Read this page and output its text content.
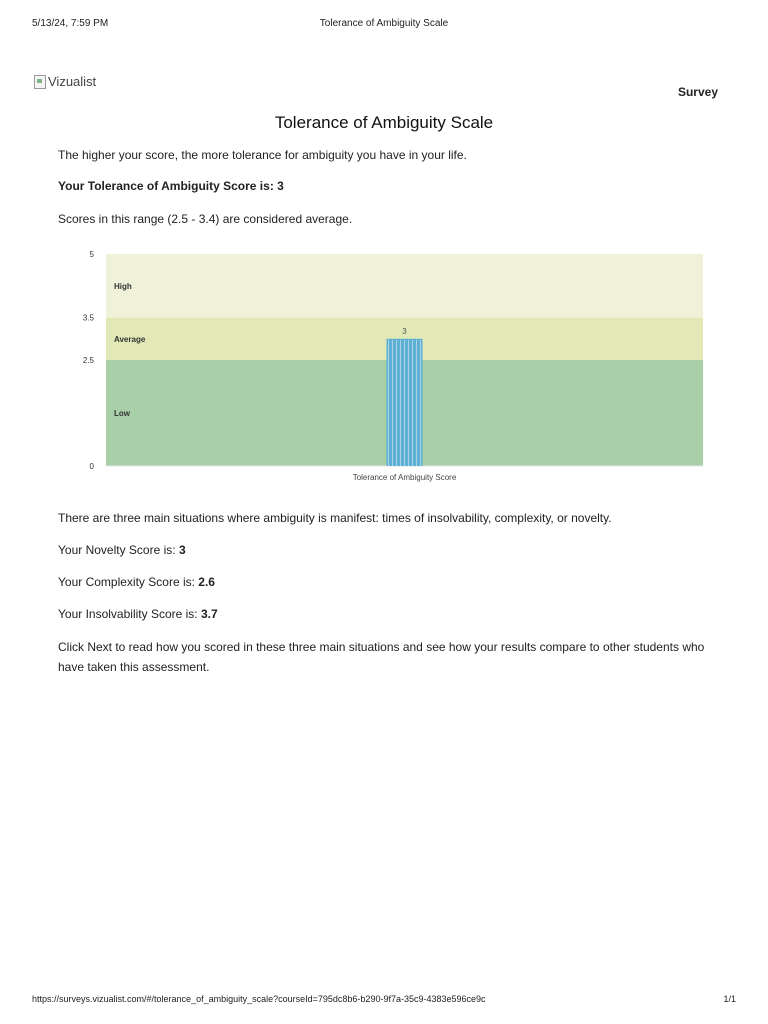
5/13/24, 7:59 PM	Tolerance of Ambiguity Scale
Vizualist
Survey
Tolerance of Ambiguity Scale

The higher your score, the more tolerance for ambiguity you have in your life.

Your Tolerance of Ambiguity Score is: 3

Scores in this range (2.5 - 3.4) are considered average.

Low
Average
High
0
2.5
3.5
5
3
Tolerance of Ambiguity Score

There are three main situations where ambiguity is manifest: times of insolvability, complexity, or novelty.

Your Novelty Score is: 3

Your Complexity Score is: 2.6

Your Insolvability Score is: 3.7

Click Next to read how you scored in these three main situations and see how your results compare to other students who have taken this assessment.

https://surveys.vizualist.com/#/tolerance_of_ambiguity_scale?courseId=795dc8b6-b290-9f7a-35c9-4383e596ce9c	1/1
